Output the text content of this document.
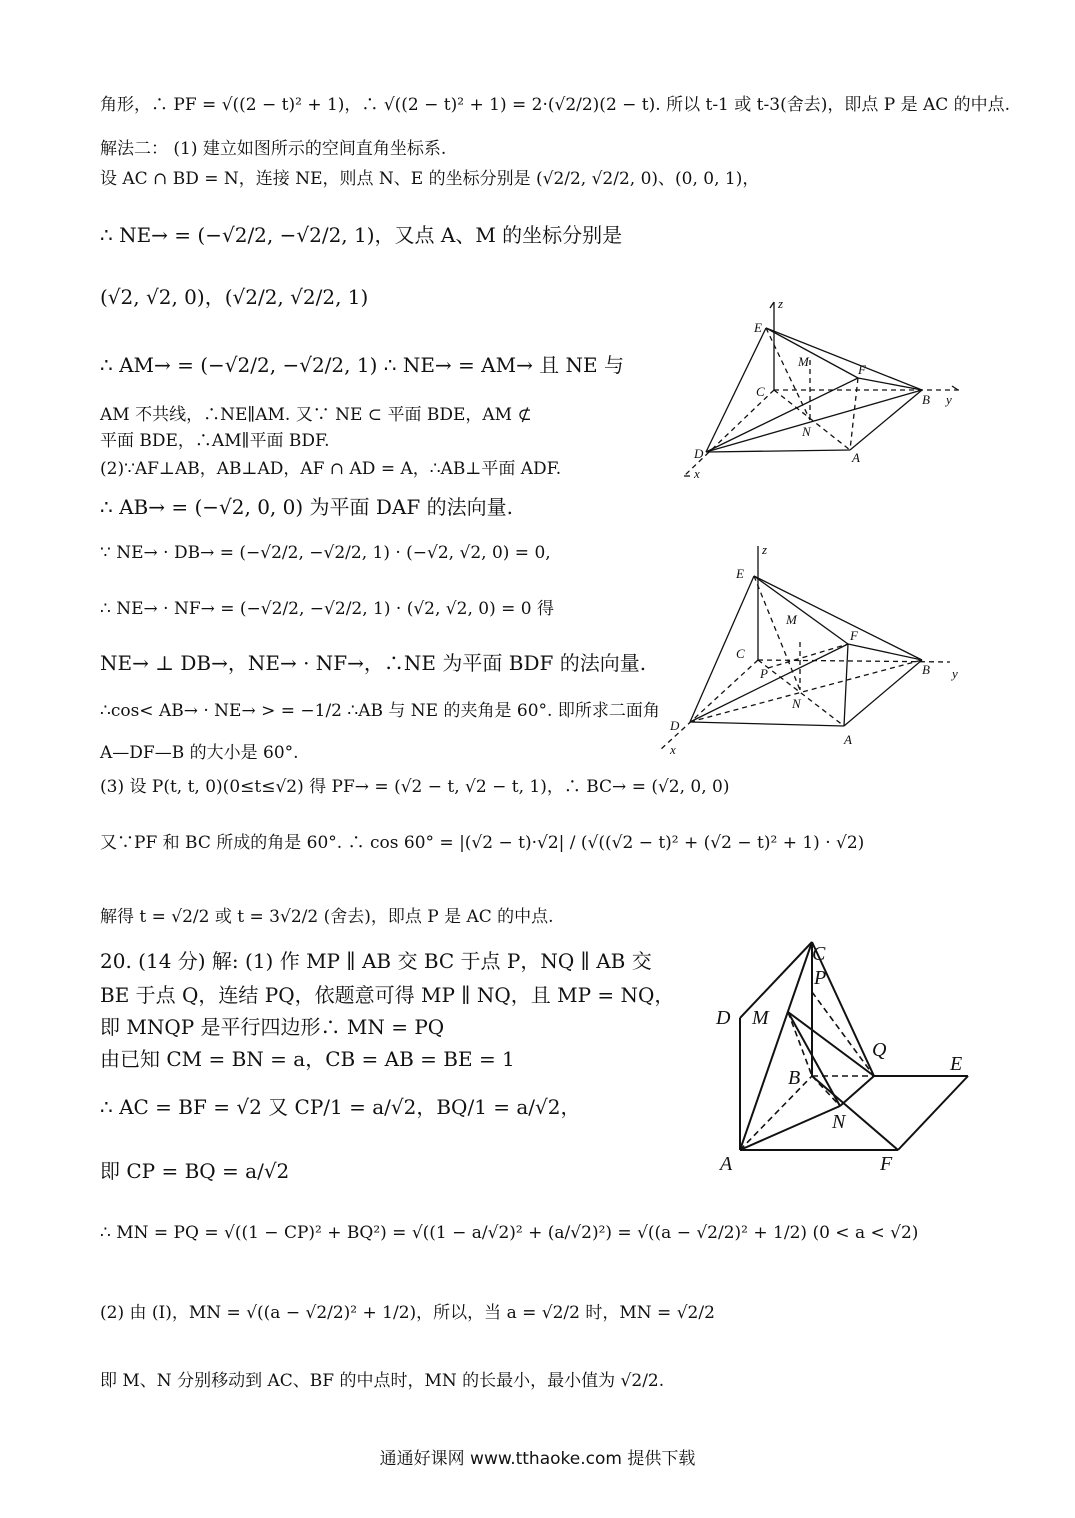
角形，∴ PF = √((2 − t)² + 1)，∴ √((2 − t)² + 1) = 2·(√2/2)(2 − t). 所以 t-1 或 t-3(舍去)，即点 P 是 AC 的中点.
解法二： (1) 建立如图所示的空间直角坐标系.
设 AC ∩ BD = N，连接 NE，则点 N、E 的坐标分别是 (√2/2, √2/2, 0)、(0, 0, 1)，
∴ NE→ = (−√2/2, −√2/2, 1)，又点 A、M 的坐标分别是
(√2, √2, 0)，(√2/2, √2/2, 1)
∴ AM→ = (−√2/2, −√2/2, 1) ∴ NE→ = AM→ 且 NE 与
AM 不共线，∴NE∥AM. 又∵ NE ⊂ 平面 BDE，AM ⊄
平面 BDE，∴AM∥平面 BDF.
(2)∵AF⊥AB，AB⊥AD，AF ∩ AD = A，∴AB⊥平面 ADF.
∴ AB→ = (−√2, 0, 0) 为平面 DAF 的法向量.
∵ NE→ · DB→ = (−√2/2, −√2/2, 1) · (−√2, √2, 0) = 0,
∴ NE→ · NF→ = (−√2/2, −√2/2, 1) · (√2, √2, 0) = 0 得
NE→ ⊥ DB→，NE→ · NF→，∴NE 为平面 BDF 的法向量.
∴cos< AB→ · NE→ > = −1/2 ∴AB 与 NE 的夹角是 60°. 即所求二面角
A—DF—B 的大小是 60°.
(3) 设 P(t, t, 0)(0≤t≤√2) 得 PF→ = (√2 − t, √2 − t, 1)，∴ BC→ = (√2, 0, 0)
又∵PF 和 BC 所成的角是 60°. ∴ cos 60° = |(√2 − t)·√2| / (√((√2 − t)² + (√2 − t)² + 1) · √2)
解得 t = √2/2 或 t = 3√2/2 (舍去)，即点 P 是 AC 的中点.
20. (14 分) 解: (1) 作 MP ∥ AB 交 BC 于点 P，NQ ∥ AB 交
BE 于点 Q，连结 PQ，依题意可得 MP ∥ NQ，且 MP = NQ，
即 MNQP 是平行四边形∴ MN = PQ
由已知 CM = BN = a，CB = AB = BE = 1
∴ AC = BF = √2 又 CP/1 = a/√2，BQ/1 = a/√2，
即 CP = BQ = a/√2
∴ MN = PQ = √((1 − CP)² + BQ²) = √((1 − a/√2)² + (a/√2)²) = √((a − √2/2)² + 1/2) (0 < a < √2)
(2) 由 (Ⅰ)，MN = √((a − √2/2)² + 1/2)，所以，当 a = √2/2 时，MN = √2/2
即 M、N 分别移动到 AC、BF 的中点时，MN 的长最小，最小值为 √2/2.
z
E
M
F
C
B y
N
D	A
x
z
E
M
F
C
P	B y
N
D
A
x
C
P
D M
Q
B
E
N
A	F
通通好课网 www.tthaoke.com 提供下载
